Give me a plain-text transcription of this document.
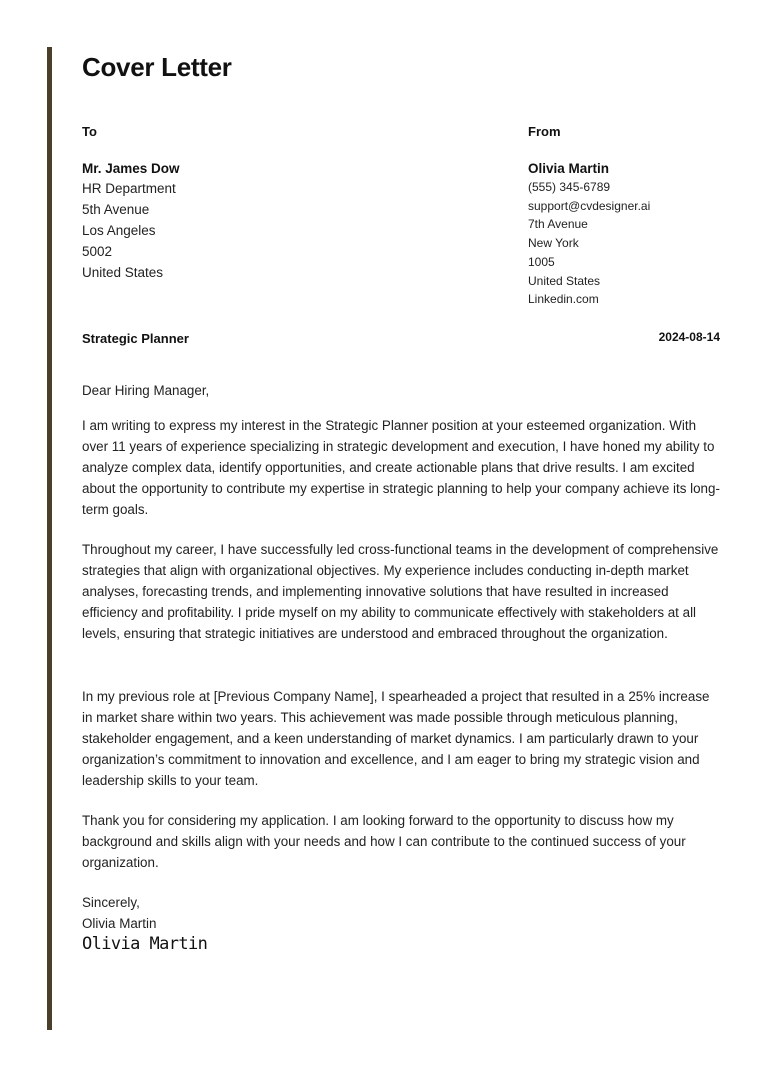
Cover Letter
To	From
Mr. James Dow
HR Department
5th Avenue
Los Angeles
5002
United States
Olivia Martin
(555) 345-6789
support@cvdesigner.ai
7th Avenue
New York
1005
United States
Linkedin.com
Strategic Planner	2024-08-14

Dear Hiring Manager,

I am writing to express my interest in the Strategic Planner position at your esteemed organization. With over 11 years of experience specializing in strategic development and execution, I have honed my ability to analyze complex data, identify opportunities, and create actionable plans that drive results. I am excited about the opportunity to contribute my expertise in strategic planning to help your company achieve its long-term goals.

Throughout my career, I have successfully led cross-functional teams in the development of comprehensive strategies that align with organizational objectives. My experience includes conducting in-depth market analyses, forecasting trends, and implementing innovative solutions that have resulted in increased efficiency and profitability. I pride myself on my ability to communicate effectively with stakeholders at all levels, ensuring that strategic initiatives are understood and embraced throughout the organization.

In my previous role at [Previous Company Name], I spearheaded a project that resulted in a 25% increase in market share within two years. This achievement was made possible through meticulous planning, stakeholder engagement, and a keen understanding of market dynamics. I am particularly drawn to your organization’s commitment to innovation and excellence, and I am eager to bring my strategic vision and leadership skills to your team.

Thank you for considering my application. I am looking forward to the opportunity to discuss how my background and skills align with your needs and how I can contribute to the continued success of your organization.

Sincerely,

Olivia Martin

Olivia Martin
